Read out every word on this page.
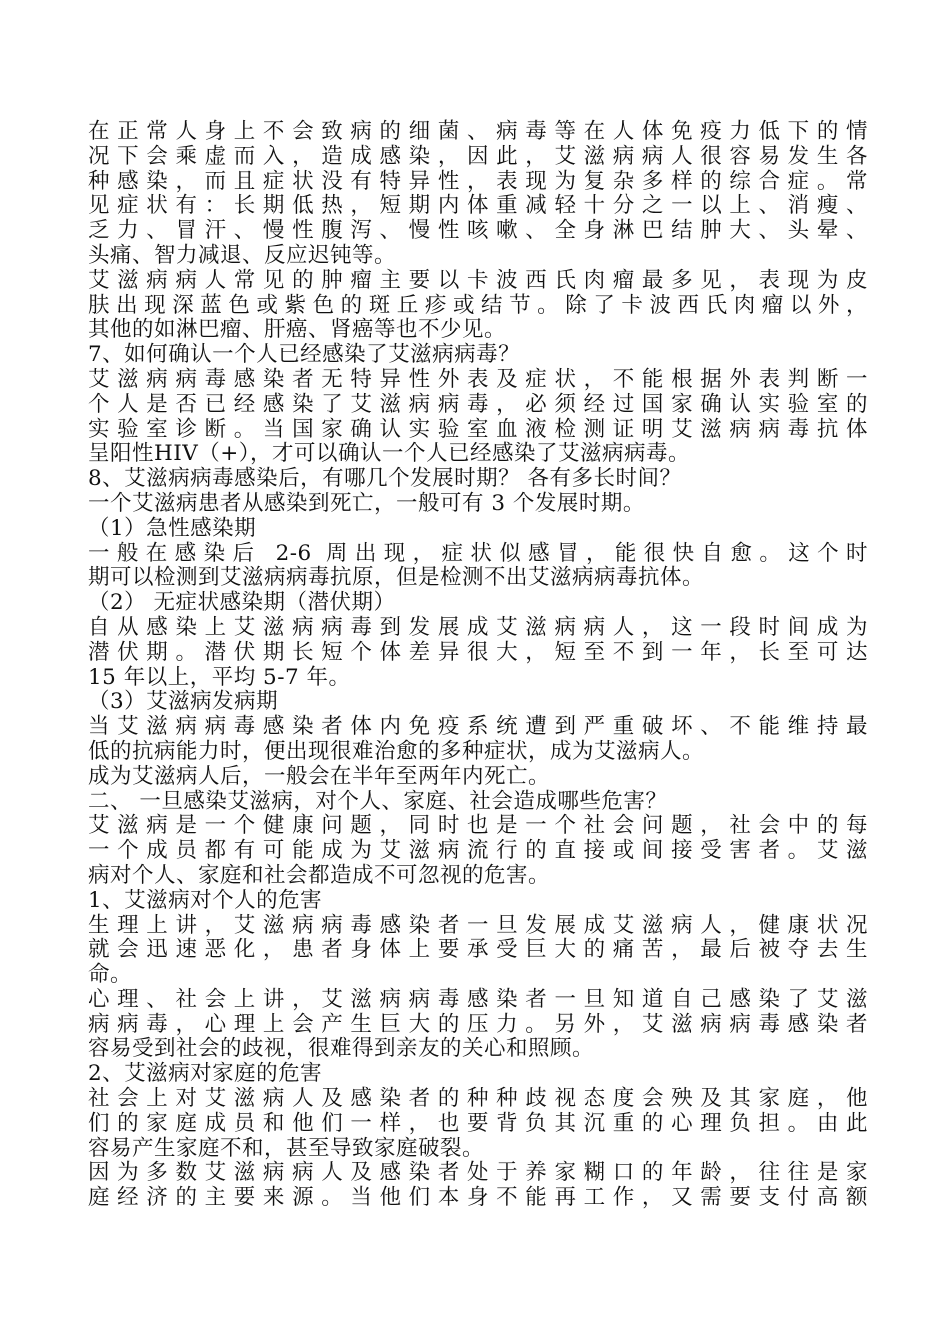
在正常人身上不会致病的细菌、病毒等在人体免疫力低下的情
况下会乘虚而入，造成感染，因此，艾滋病病人很容易发生各
种感染，而且症状没有特异性，表现为复杂多样的综合症。常
见症状有：长期低热，短期内体重减轻十分之一以上、消瘦、
乏力、冒汗、慢性腹泻、慢性咳嗽、全身淋巴结肿大、头晕、
头痛、智力减退、反应迟钝等。
艾滋病病人常见的肿瘤主要以卡波西氏肉瘤最多见，表现为皮
肤出现深蓝色或紫色的斑丘疹或结节。除了卡波西氏肉瘤以外，
其他的如淋巴瘤、肝癌、肾癌等也不少见。
7、如何确认一个人已经感染了艾滋病病毒？
艾滋病病毒感染者无特异性外表及症状，不能根据外表判断一
个人是否已经感染了艾滋病病毒，必须经过国家确认实验室的
实验室诊断。当国家确认实验室血液检测证明艾滋病病毒抗体
呈阳性HIV（+），才可以确认一个人已经感染了艾滋病病毒。
8、艾滋病病毒感染后，有哪几个发展时期？ 各有多长时间？
一个艾滋病患者从感染到死亡，一般可有 3 个发展时期。
（1）急性感染期
一般在感染后 2-6 周出现，症状似感冒，能很快自愈。这个时
期可以检测到艾滋病病毒抗原，但是检测不出艾滋病病毒抗体。
（2） 无症状感染期（潜伏期）
自从感染上艾滋病病毒到发展成艾滋病病人，这一段时间成为
潜伏期。潜伏期长短个体差异很大，短至不到一年，长至可达
15 年以上，平均 5-7 年。
（3）艾滋病发病期
当艾滋病病毒感染者体内免疫系统遭到严重破坏、不能维持最
低的抗病能力时，便出现很难治愈的多种症状，成为艾滋病人。
成为艾滋病人后，一般会在半年至两年内死亡。
二、 一旦感染艾滋病，对个人、家庭、社会造成哪些危害？
艾滋病是一个健康问题，同时也是一个社会问题，社会中的每
一个成员都有可能成为艾滋病流行的直接或间接受害者。艾滋
病对个人、家庭和社会都造成不可忽视的危害。
1、艾滋病对个人的危害
生理上讲，艾滋病病毒感染者一旦发展成艾滋病人，健康状况
就会迅速恶化，患者身体上要承受巨大的痛苦，最后被夺去生
命。
心理、社会上讲，艾滋病病毒感染者一旦知道自己感染了艾滋
病病毒，心理上会产生巨大的压力。另外，艾滋病病毒感染者
容易受到社会的歧视，很难得到亲友的关心和照顾。
2、艾滋病对家庭的危害
社会上对艾滋病人及感染者的种种歧视态度会殃及其家庭，他
们的家庭成员和他们一样，也要背负其沉重的心理负担。由此
容易产生家庭不和，甚至导致家庭破裂。
因为多数艾滋病病人及感染者处于养家糊口的年龄，往往是家
庭经济的主要来源。当他们本身不能再工作，又需要支付高额
